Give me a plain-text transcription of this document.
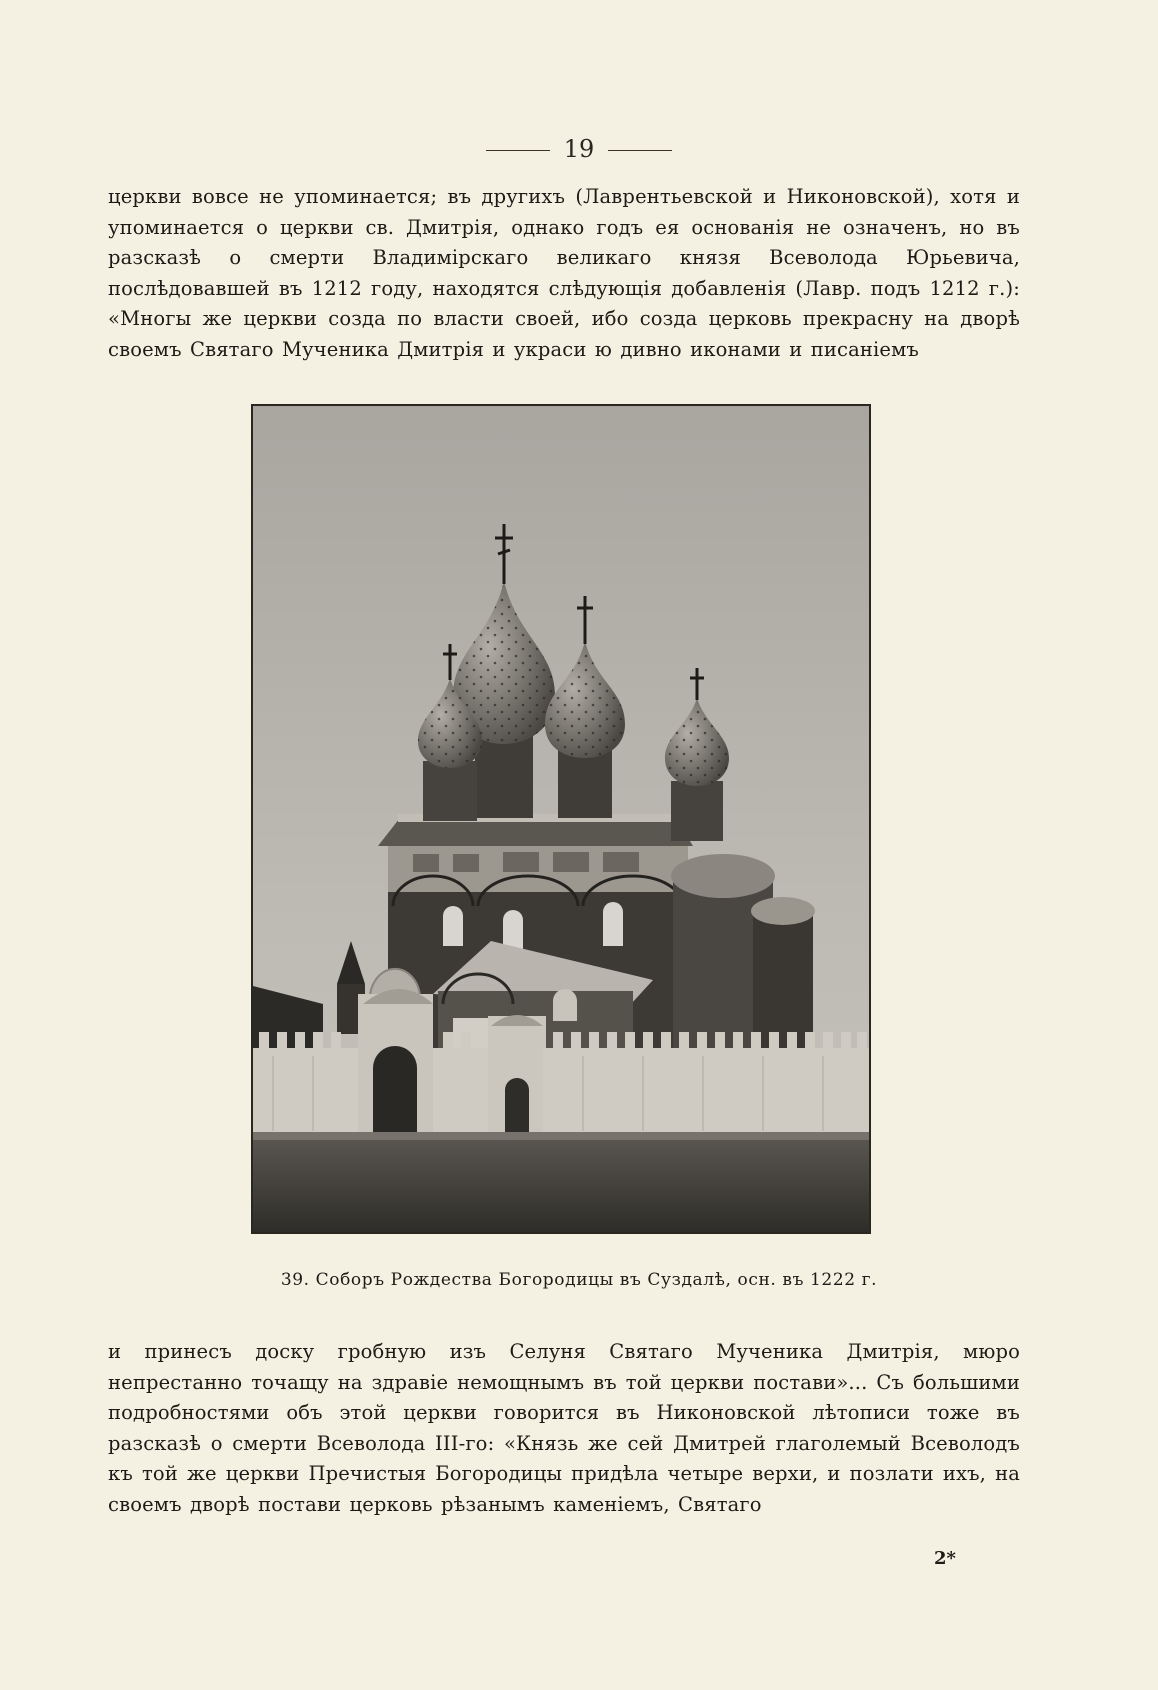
19

церкви вовсе не упоминается; въ другихъ (Лаврентьевской и Никоновской), хотя и упоминается о церкви св. Дмитрія, однако годъ ея основанія не означенъ, но въ разсказѣ о смерти Владимірскаго великаго князя Всеволода Юрьевича, послѣдовавшей въ 1212 году, находятся слѣдующія добавленія (Лавр. подъ 1212 г.): «Многы же церкви созда по власти своей, ибо созда церковь прекрасну на дворѣ своемъ Святаго Мученика Дмитрія и украси ю дивно иконами и писаніемъ

39. Соборъ Рождества Богородицы въ Суздалѣ, осн. въ 1222 г.

и принесъ доску гробную изъ Селуня Святаго Мученика Дмитрія, мюро непрестанно точащу на здравіе немощнымъ въ той церкви постави»... Съ большими подробностями объ этой церкви говорится въ Никоновской лѣтописи тоже въ разсказѣ о смерти Всеволода III-го: «Князь же сей Дмитрей глаголемый Всеволодъ къ той же церкви Пречистыя Богородицы придѣла четыре верхи, и позлати ихъ, на своемъ дворѣ постави церковь рѣзанымъ каменіемъ, Святаго

2*
